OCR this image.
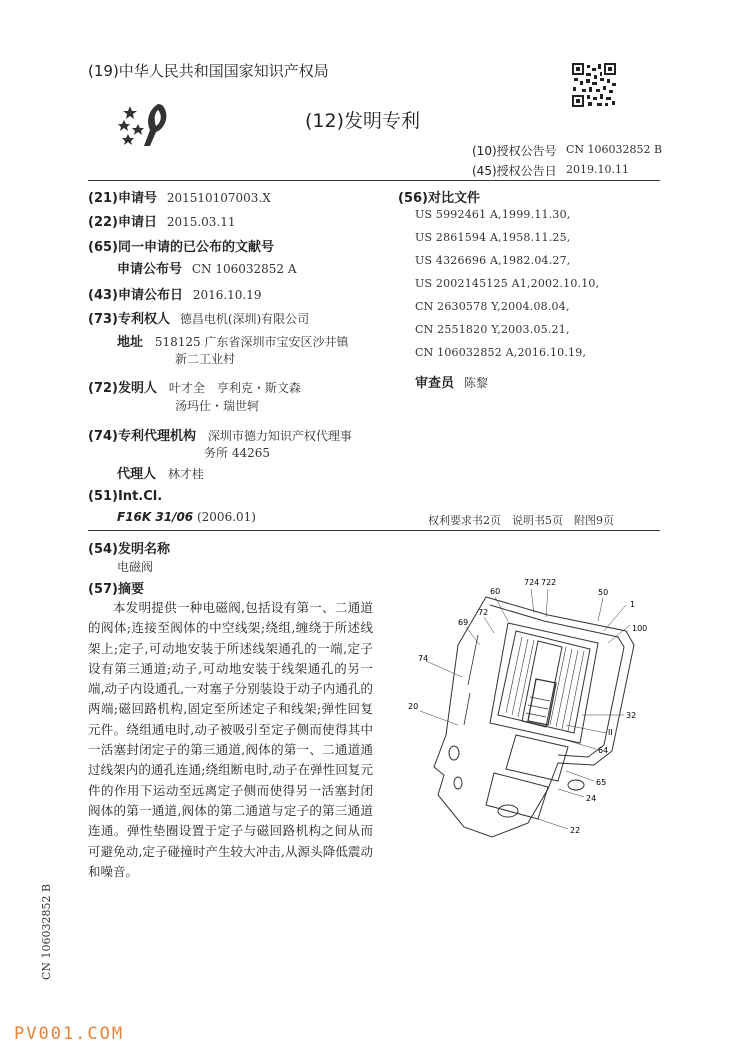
(19)中华人民共和国国家知识产权局
(12)发明专利
(10)授权公告号 CN 106032852 B
(45)授权公告日 2019.10.11
(21)申请号 201510107003.X
(22)申请日 2015.03.11
(65)同一申请的已公布的文献号
申请公布号 CN 106032852 A
(43)申请公布日 2016.10.19
(73)专利权人 德昌电机(深圳)有限公司
地址 518125 广东省深圳市宝安区沙井镇
新二工业村
(72)发明人 叶才全　亨利克・斯文森
汤玛仕・瑞世轲
(74)专利代理机构 深圳市德力知识产权代理事
务所 44265
代理人 林才桂
(51)Int.Cl.
F16K 31/06 (2006.01)
(56)对比文件
US 5992461 A,1999.11.30,
US 2861594 A,1958.11.25,
US 4326696 A,1982.04.27,
US 2002145125 A1,2002.10.10,
CN 2630578 Y,2004.08.04,
CN 2551820 Y,2003.05.21,
CN 106032852 A,2016.10.19,
审查员 陈黎
权利要求书2页　说明书5页　附图9页
(54)发明名称
电磁阀
(57)摘要
本发明提供一种电磁阀,包括设有第一、二通道的阀体;连接至阀体的中空线架;绕组,缠绕于所述线架上;定子,可动地安装于所述线架通孔的一端,定子设有第三通道;动子,可动地安装于线架通孔的另一端,动子内设通孔,一对塞子分别装设于动子内通孔的两端;磁回路机构,固定至所述定子和线架;弹性回复元件。绕组通电时,动子被吸引至定子侧而使得其中一活塞封闭定子的第三通道,阀体的第一、二通道通过线架内的通孔连通;绕组断电时,动子在弹性回复元件的作用下运动至远离定子侧而使得另一活塞封闭阀体的第一通道,阀体的第二通道与定子的第三通道连通。弹性垫圈设置于定子与磁回路机构之间从而可避免动,定子碰撞时产生较大冲击,从源头降低震动和噪音。
724 722
60	50
1
72
100
69
74
20
32
II
64
65
24
22
CN 106032852 B
PV001.COM
